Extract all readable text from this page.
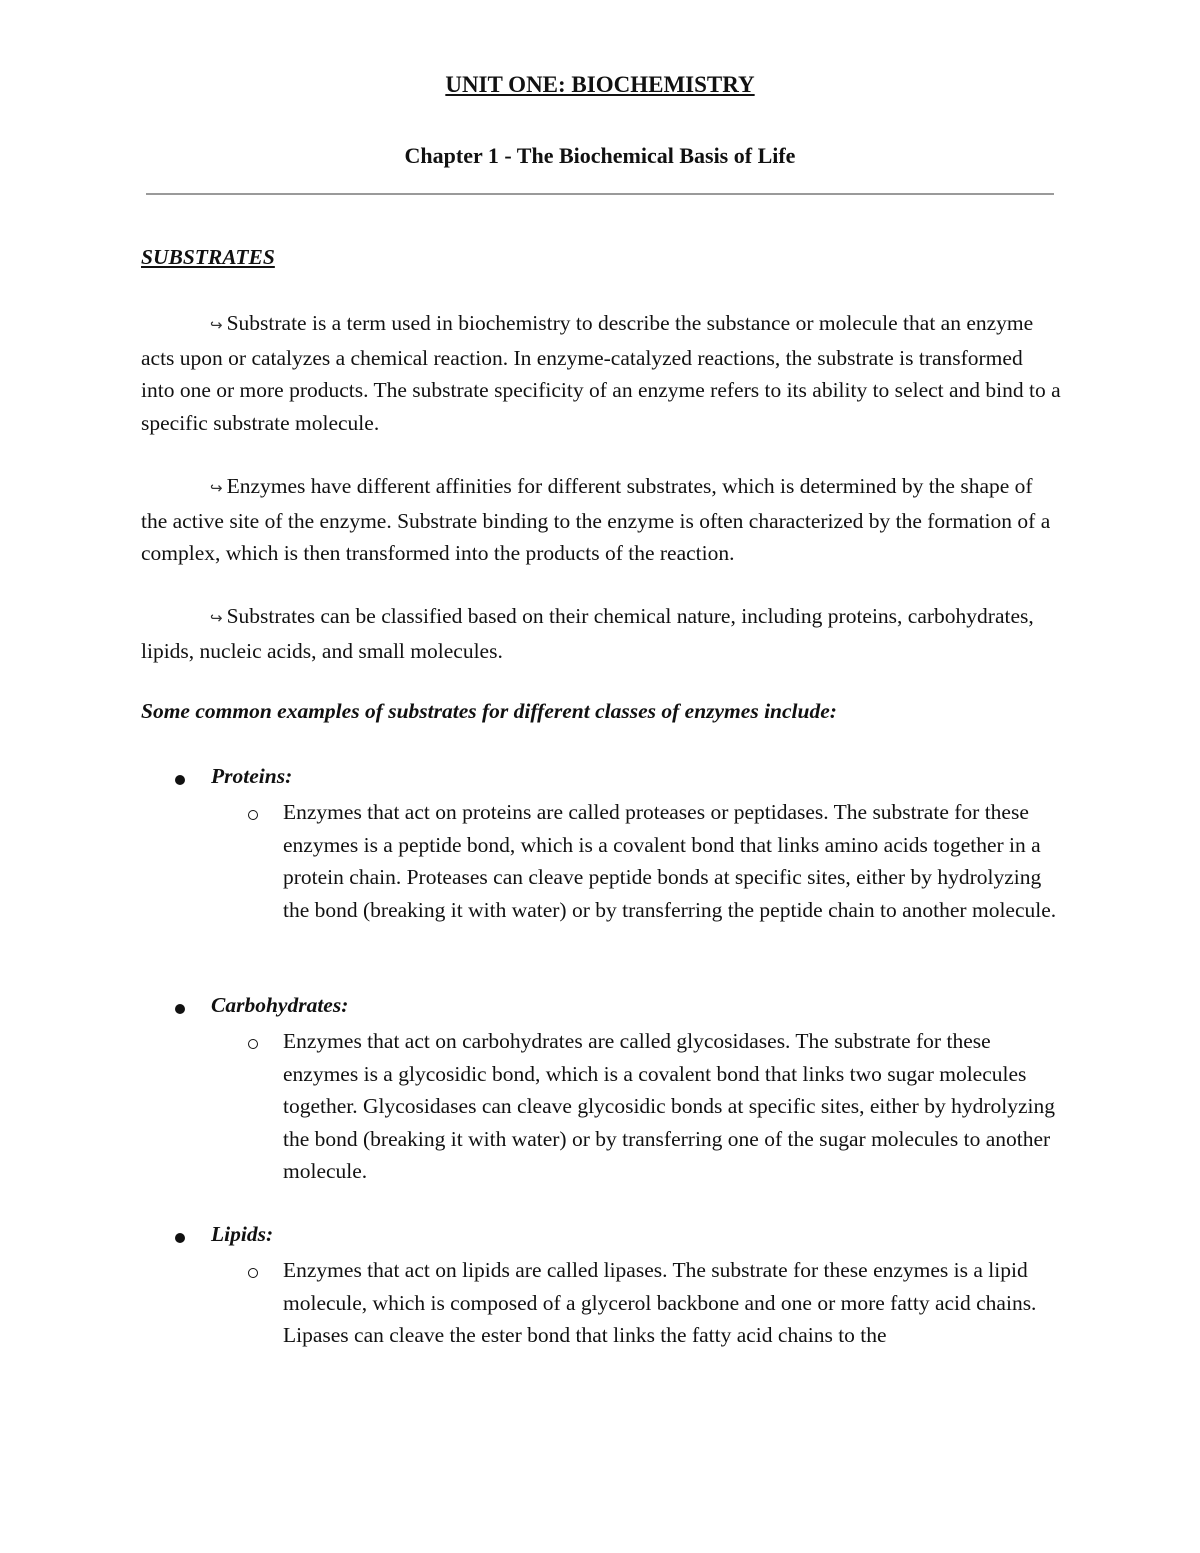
UNIT ONE: BIOCHEMISTRY
Chapter 1 - The Biochemical Basis of Life
SUBSTRATES

↪ Substrate is a term used in biochemistry to describe the substance or molecule that an enzyme acts upon or catalyzes a chemical reaction. In enzyme-catalyzed reactions, the substrate is transformed into one or more products. The substrate specificity of an enzyme refers to its ability to select and bind to a specific substrate molecule.

↪ Enzymes have different affinities for different substrates, which is determined by the shape of the active site of the enzyme. Substrate binding to the enzyme is often characterized by the formation of a complex, which is then transformed into the products of the reaction.

↪ Substrates can be classified based on their chemical nature, including proteins, carbohydrates, lipids, nucleic acids, and small molecules.

Some common examples of substrates for different classes of enzymes include:
Proteins:

Enzymes that act on proteins are called proteases or peptidases. The substrate for these enzymes is a peptide bond, which is a covalent bond that links amino acids together in a protein chain. Proteases can cleave peptide bonds at specific sites, either by hydrolyzing the bond (breaking it with water) or by transferring the peptide chain to another molecule.

Carbohydrates:

Enzymes that act on carbohydrates are called glycosidases. The substrate for these enzymes is a glycosidic bond, which is a covalent bond that links two sugar molecules together. Glycosidases can cleave glycosidic bonds at specific sites, either by hydrolyzing the bond (breaking it with water) or by transferring one of the sugar molecules to another molecule.

Lipids:

Enzymes that act on lipids are called lipases. The substrate for these enzymes is a lipid molecule, which is composed of a glycerol backbone and one or more fatty acid chains. Lipases can cleave the ester bond that links the fatty acid chains to the
